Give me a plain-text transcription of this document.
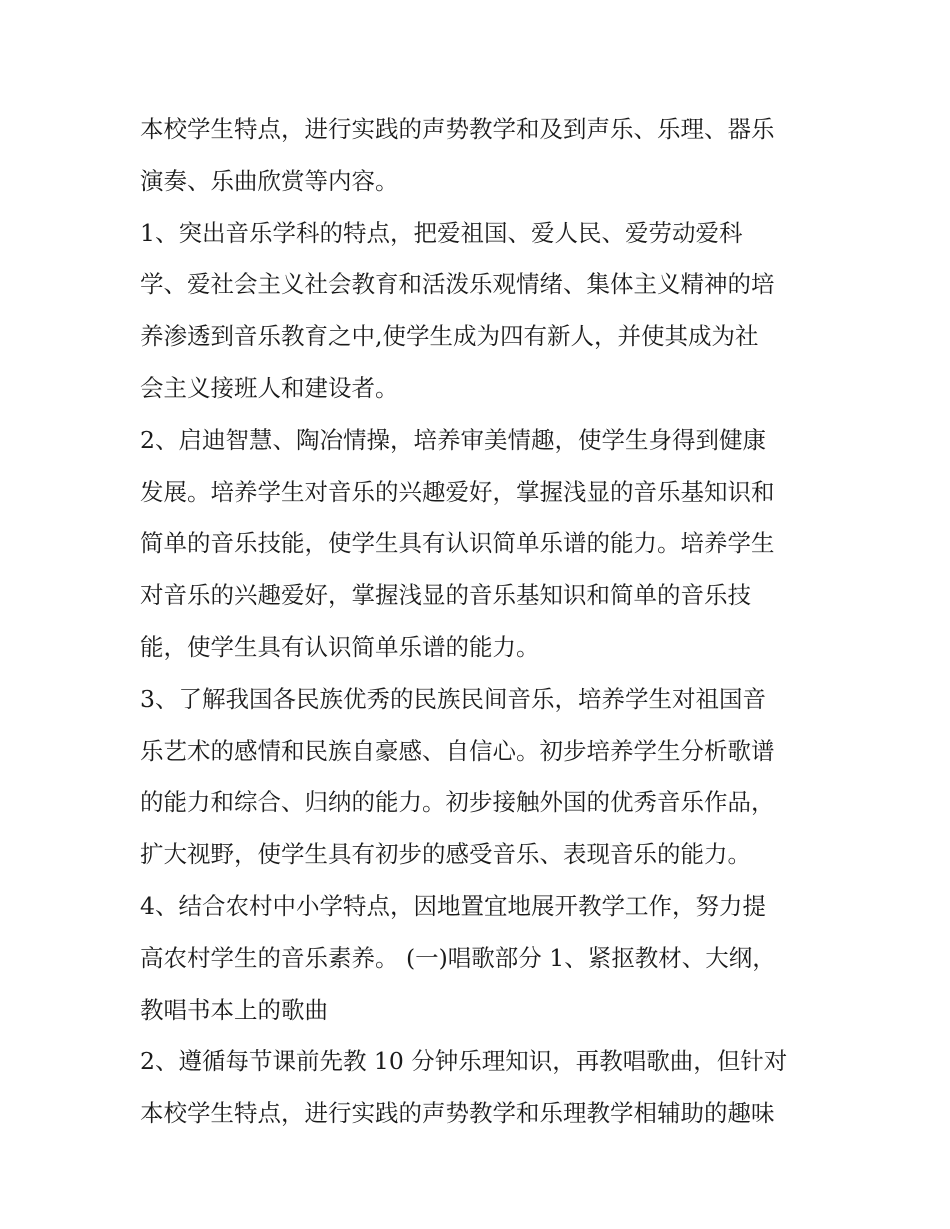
本校学生特点，进行实践的声势教学和及到声乐、乐理、器乐
演奏、乐曲欣赏等内容。
1、突出音乐学科的特点，把爱祖国、爱人民、爱劳动爱科
学、爱社会主义社会教育和活泼乐观情绪、集体主义精神的培
养渗透到音乐教育之中,使学生成为四有新人，并使其成为社
会主义接班人和建设者。
2、启迪智慧、陶冶情操，培养审美情趣，使学生身得到健康
发展。培养学生对音乐的兴趣爱好，掌握浅显的音乐基知识和
简单的音乐技能，使学生具有认识简单乐谱的能力。培养学生
对音乐的兴趣爱好，掌握浅显的音乐基知识和简单的音乐技
能，使学生具有认识简单乐谱的能力。
3、了解我国各民族优秀的民族民间音乐，培养学生对祖国音
乐艺术的感情和民族自豪感、自信心。初步培养学生分析歌谱
的能力和综合、归纳的能力。初步接触外国的优秀音乐作品，
扩大视野，使学生具有初步的感受音乐、表现音乐的能力。
4、结合农村中小学特点，因地置宜地展开教学工作，努力提
高农村学生的音乐素养。 (一)唱歌部分 1、紧抠教材、大纲，
教唱书本上的歌曲
2、遵循每节课前先教 10 分钟乐理知识，再教唱歌曲，但针对
本校学生特点，进行实践的声势教学和乐理教学相辅助的趣味
